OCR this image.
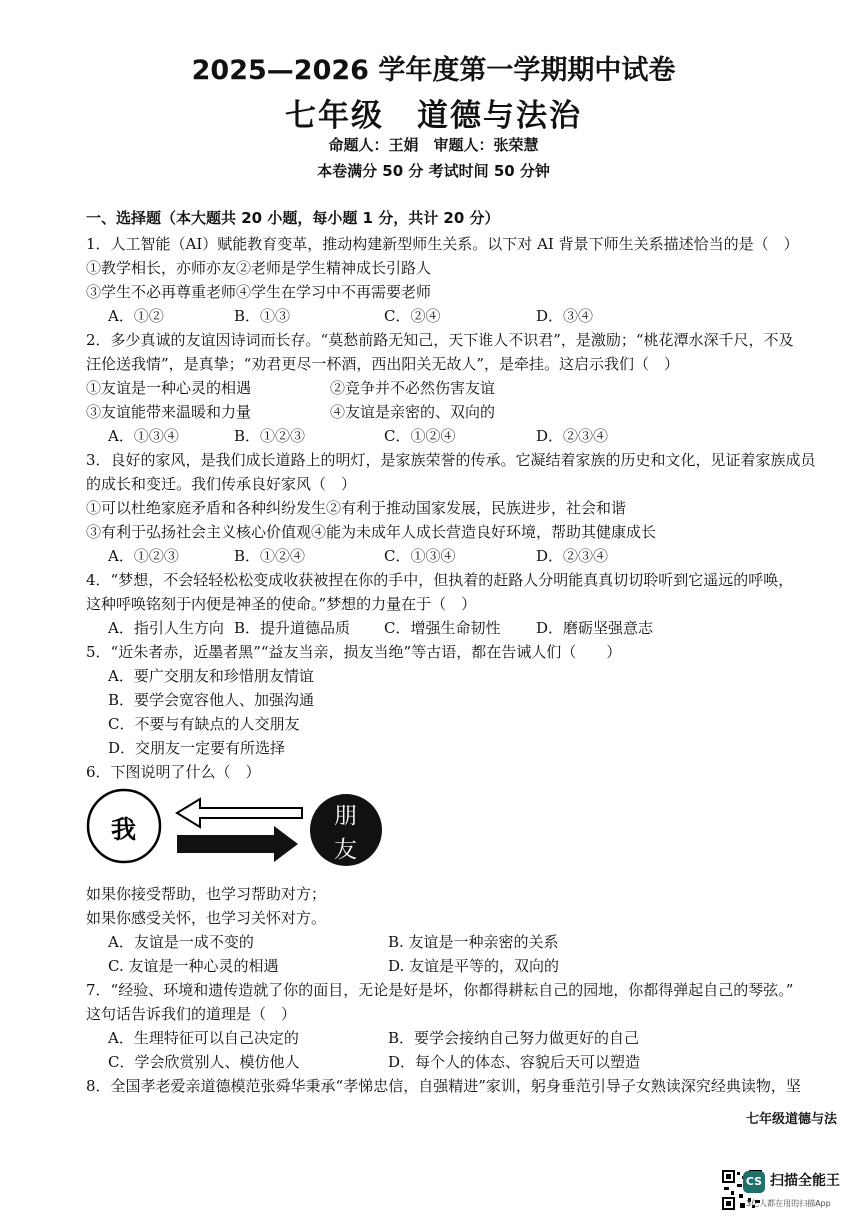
2025—2026 学年度第一学期期中试卷
七年级　道德与法治
命题人：王娟　审题人：张荣慧
本卷满分 50 分 考试时间 50 分钟
一、选择题（本大题共 20 小题，每小题 1 分，共计 20 分）
1．人工智能（AI）赋能教育变革，推动构建新型师生关系。以下对 AI 背景下师生关系描述恰当的是（　）
①教学相长，亦师亦友②老师是学生精神成长引路人
③学生不必再尊重老师④学生在学习中不再需要老师
A．①②	B．①③	C．②④	D．③④
2．多少真诚的友谊因诗词而长存。“莫愁前路无知己，天下谁人不识君”，是激励；“桃花潭水深千尺，不及
汪伦送我情”，是真挚；“劝君更尽一杯酒，西出阳关无故人”，是牵挂。这启示我们（　）
①友谊是一种心灵的相遇	②竞争并不必然伤害友谊
③友谊能带来温暖和力量	④友谊是亲密的、双向的
A．①③④	B．①②③	C．①②④	D．②③④
3．良好的家风，是我们成长道路上的明灯，是家族荣誉的传承。它凝结着家族的历史和文化，见证着家族成员
的成长和变迁。我们传承良好家风（　）
①可以杜绝家庭矛盾和各种纠纷发生②有利于推动国家发展，民族进步，社会和谐
③有利于弘扬社会主义核心价值观④能为未成年人成长营造良好环境，帮助其健康成长
A．①②③	B．①②④	C．①③④	D．②③④
4．“梦想，不会轻轻松松变成收获被捏在你的手中，但执着的赶路人分明能真真切切聆听到它遥远的呼唤，
这种呼唤铭刻于内便是神圣的使命。”梦想的力量在于（　）
A．指引人生方向 B．提升道德品质 C．增强生命韧性 D．磨砺坚强意志
5．“近朱者赤，近墨者黑”“益友当亲，损友当绝”等古语，都在告诫人们（　　）
A．要广交朋友和珍惜朋友情谊
B．要学会宽容他人、加强沟通
C．不要与有缺点的人交朋友
D．交朋友一定要有所选择
6．下图说明了什么（　）
我	朋
友
如果你接受帮助，也学习帮助对方；
如果你感受关怀，也学习关怀对方。
A．友谊是一成不变的	B. 友谊是一种亲密的关系
C. 友谊是一种心灵的相遇	D. 友谊是平等的，双向的
7．“经验、环境和遗传造就了你的面目，无论是好是坏，你都得耕耘自己的园地，你都得弹起自己的琴弦。”
这句话告诉我们的道理是（　）
A．生理特征可以自己决定的	B．要学会接纳自己努力做更好的自己
C．学会欣赏别人、模仿他人	D．每个人的体态、容貌后天可以塑造
8．全国孝老爱亲道德模范张舜华秉承“孝悌忠信，自强精进”家训，躬身垂范引导子女熟读深究经典读物，坚
七年级道德与法
CS 扫描全能王
3亿人都在用的扫描App
